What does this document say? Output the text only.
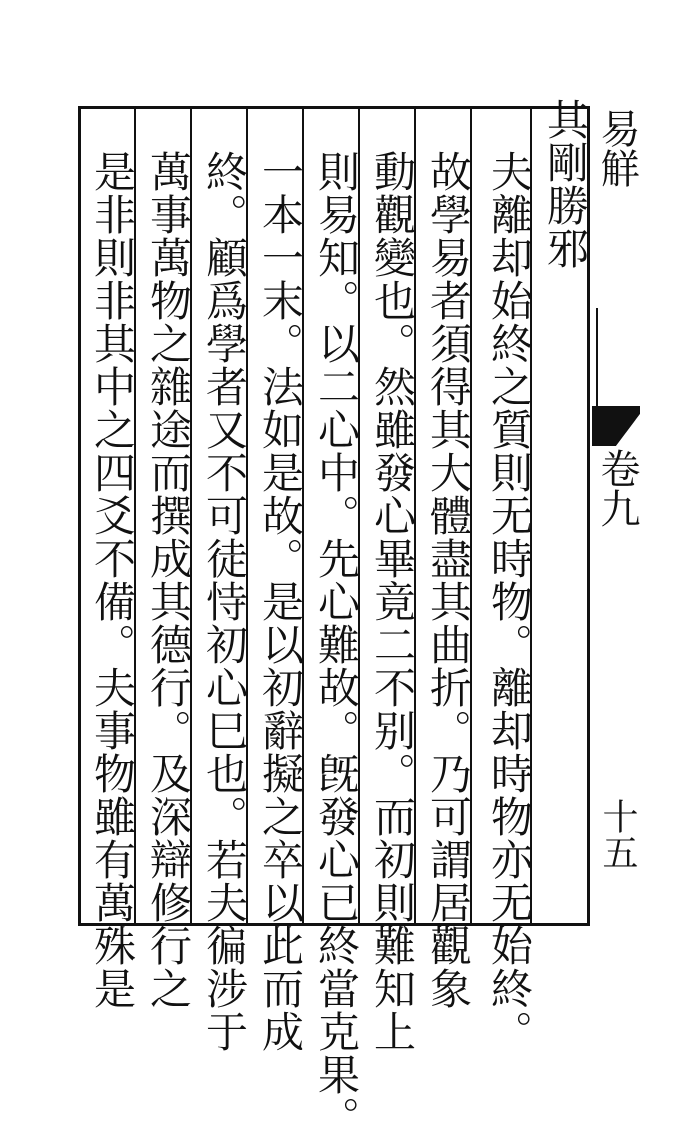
其剛勝邪
夫離却始終之質則无時物。離却時物亦无始終。
故學易者須得其大體盡其曲折。乃可謂居觀象
動觀變也。然雖發心畢竟二不别。而初則難知上
則易知。以二心中。先心難故。旣發心已終當克果。
一本一末。法如是故。是以初辭擬之卒以此而成
終。顧爲學者又不可徒恃初心巳也。若夫徧涉于
萬事萬物之雜途而撰成其德行。及深辯修行之
是非則非其中之四爻不備。夫事物雖有萬殊是
易觧
卷九
十五
